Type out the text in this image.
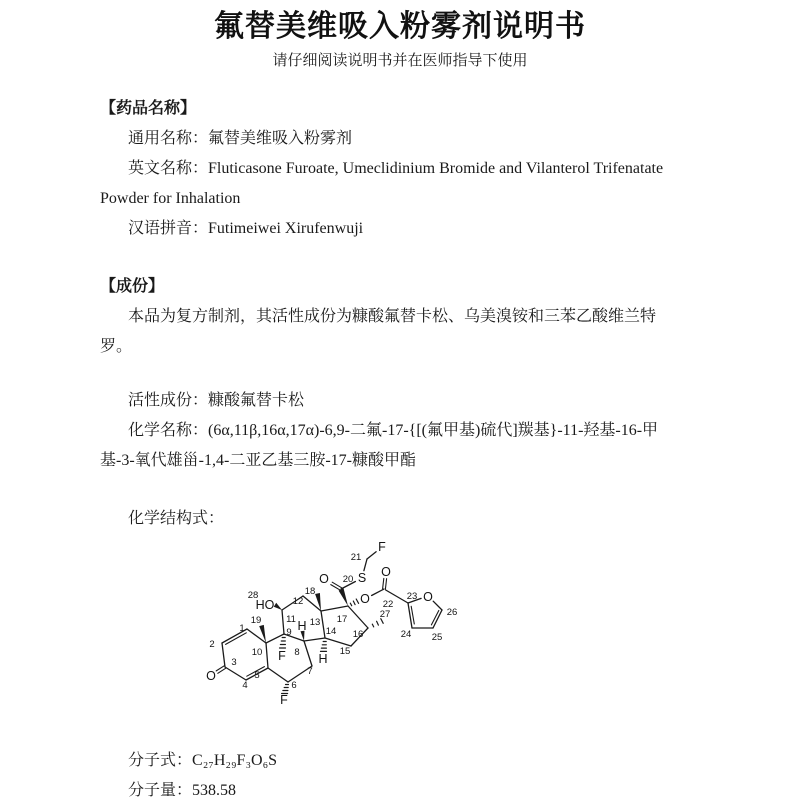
氟替美维吸入粉雾剂说明书
请仔细阅读说明书并在医师指导下使用
【药品名称】
通用名称：氟替美维吸入粉雾剂
英文名称：Fluticasone Furoate, Umeclidinium Bromide and Vilanterol Trifenatate
Powder for Inhalation
汉语拼音：Futimeiwei Xirufenwuji
【成份】
本品为复方制剂，其活性成份为糠酸氟替卡松、乌美溴铵和三苯乙酸维兰特
罗。
活性成份：糠酸氟替卡松
化学名称：(6α,11β,16α,17α)-6,9-二氟-17-{[(氟甲基)硫代]羰基}-11-羟基-16-甲
基-3-氧代雄甾-1,4-二亚乙基三胺-17-糠酸甲酯
化学结构式：
1
2
3
4
5
6
7
8
9
10
11
12
13
14
15
16
17
18
19
20
21
22
23
24 25
26
27
28
O
HO
F
F
H
H
O S
F
O
O
O
分子式：C₂₇H₂₉F₃O₆S
分子量：538.58
